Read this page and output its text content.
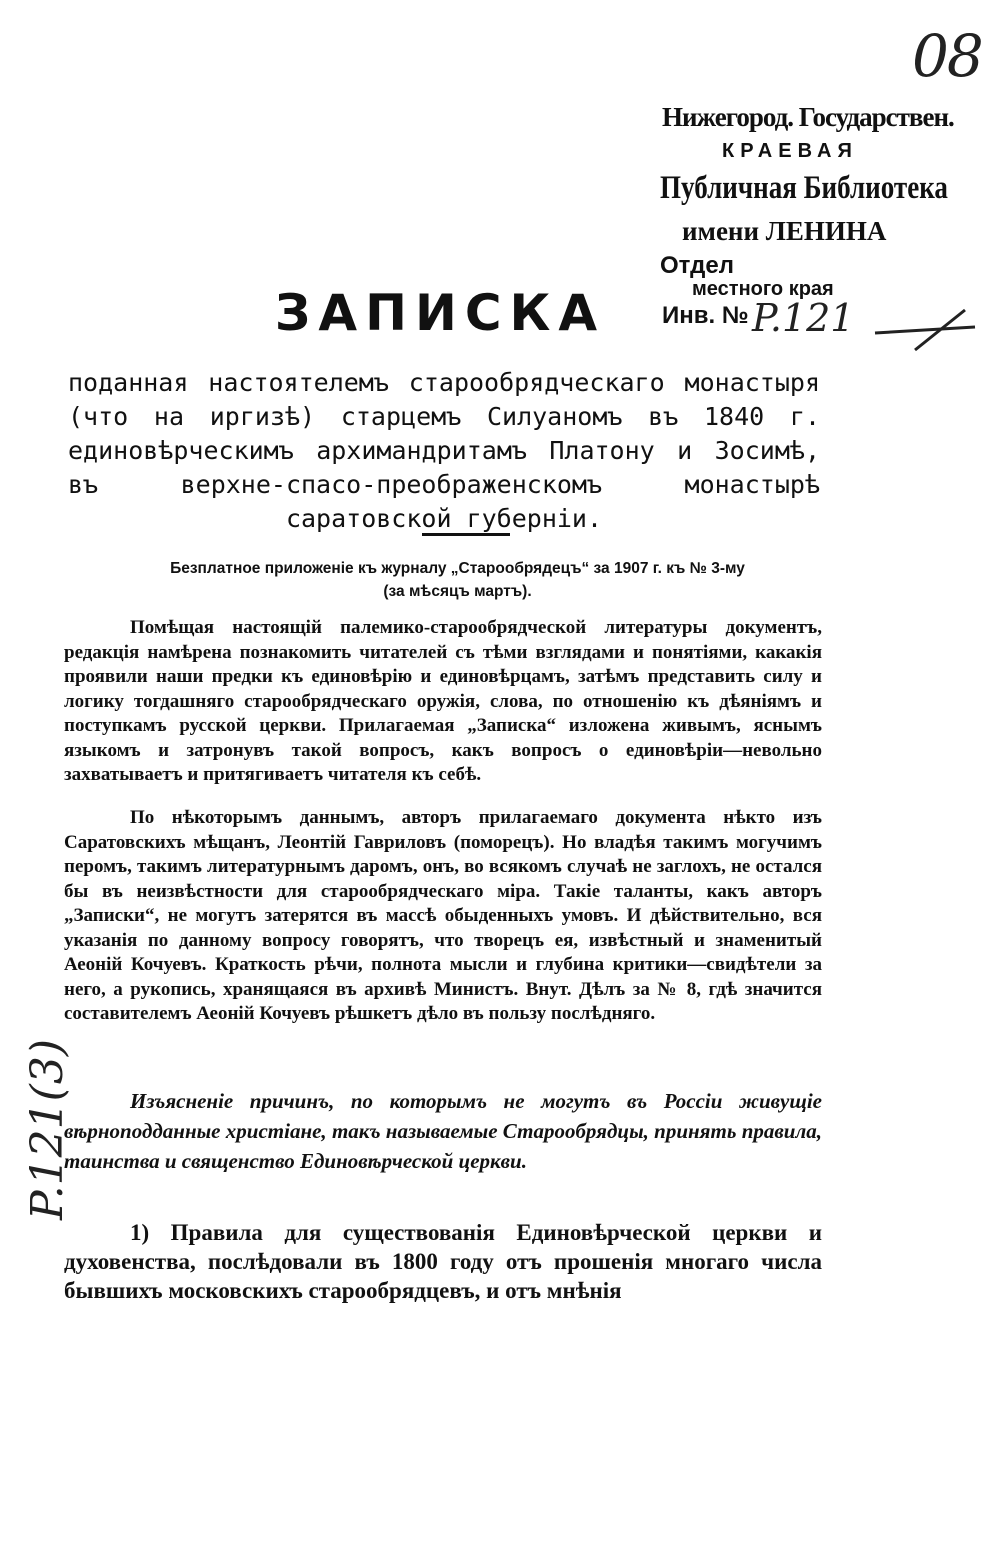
08
Нижегород. Государствен.
КРАЕВАЯ
Публичная Библиотека
имени ЛЕНИНА
Отдел
местного края
Инв. № P.121
ЗАПИСКА
поданная настоятелемъ старообрядческаго монастыря (что на иргизѣ) старцемъ Силуаномъ въ 1840 г. единовѣрческимъ архимандритамъ Платону и Зосимѣ, въ верхне-спасо-преображенскомъ монастырѣ саратовской губерніи.
Безплатное приложеніе къ журналу „Старообрядецъ“ за 1907 г. къ № 3-му
(за мѣсяцъ мартъ).
Помѣщая настоящій палемико-старообрядческой литературы документъ, редакція намѣрена познакомить читателей съ тѣми взглядами и понятіями, какакія проявили наши предки къ единовѣрію и единовѣрцамъ, затѣмъ представить силу и логику тогдашняго старообрядческаго оружія, слова, по отношенію къ дѣяніямъ и поступкамъ русской церкви. Прилагаемая „Записка“ изложена живымъ, яснымъ языкомъ и затронувъ такой вопросъ, какъ вопросъ о единовѣріи—невольно захватываетъ и притягиваетъ читателя къ себѣ.
По нѣкоторымъ даннымъ, авторъ прилагаемаго документа нѣкто изъ Саратовскихъ мѣщанъ, Леонтій Гавриловъ (поморецъ). Но владѣя такимъ могучимъ перомъ, такимъ литературнымъ даромъ, онъ, во всякомъ случаѣ не заглохъ, не остался бы въ неизвѣстности для старообрядческаго міра. Такіе таланты, какъ авторъ „Записки“, не могутъ затерятся въ массѣ обыденныхъ умовъ. И дѣйствительно, вся указанія по данному вопросу говорятъ, что творецъ ея, извѣстный и знаменитый Аеоній Кочуевъ. Краткость рѣчи, полнота мысли и глубина критики—свидѣтели за него, а рукопись, хранящаяся въ архивѣ Министъ. Внут. Дѣлъ за № 8, гдѣ значится составителемъ Аеоній Кочуевъ рѣшкетъ дѣло въ пользу послѣдняго.
Изъясненіе причинъ, по которымъ не могутъ въ Россіи живущіе вѣрноподданные христіане, такъ называемые Старообрядцы, принять правила, таинства и священство Единовѣрческой церкви.
1) Правила для существованія Единовѣрческой церкви и духовенства, послѣдовали въ 1800 году отъ прошенія многаго числа бывшихъ московскихъ старообрядцевъ, и отъ мнѣнія
P.121(3)
